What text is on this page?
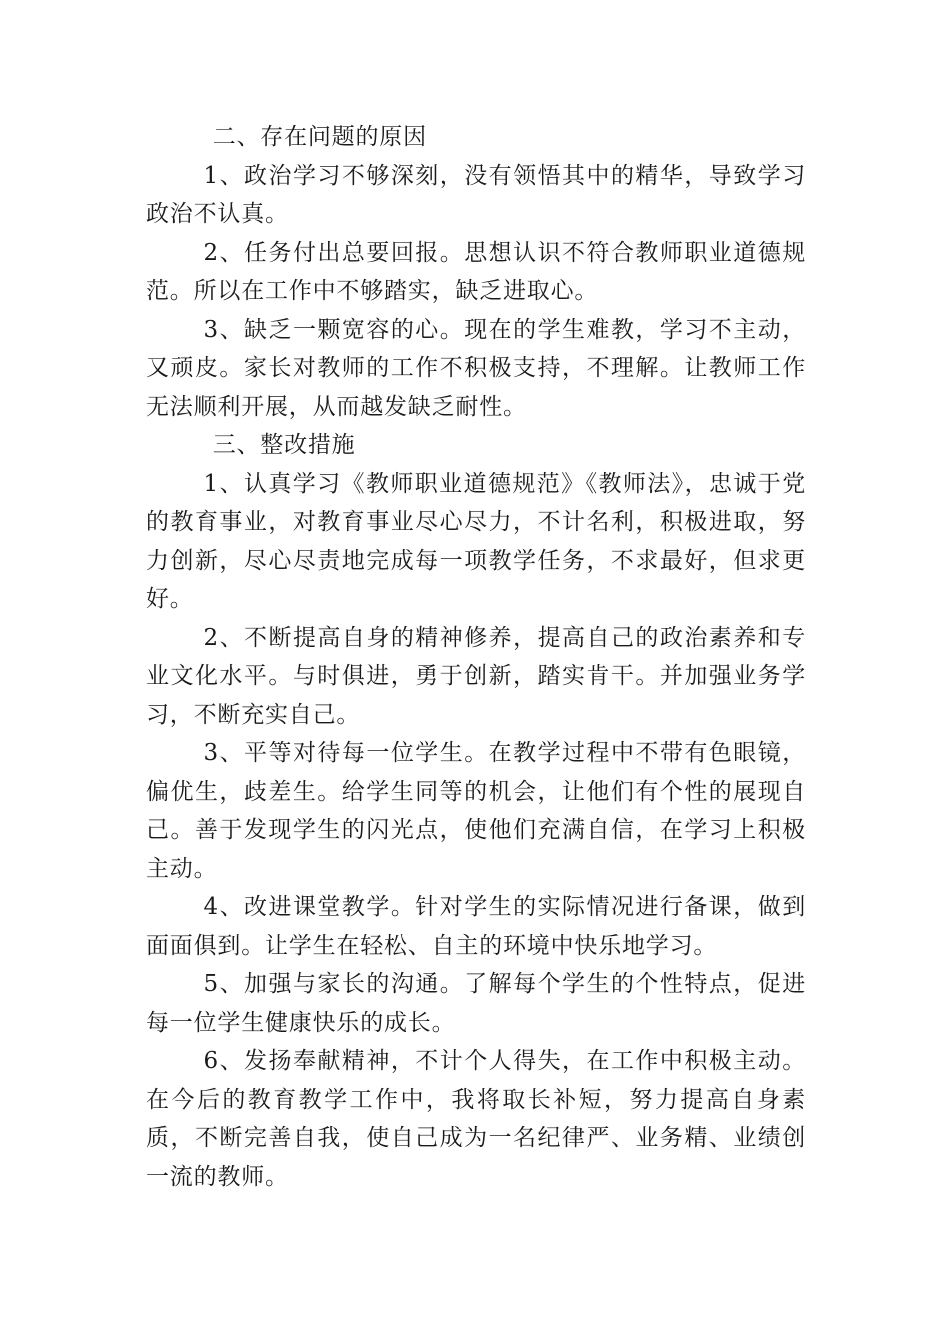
二、存在问题的原因

1、政治学习不够深刻，没有领悟其中的精华，导致学习政治不认真。

2、任务付出总要回报。思想认识不符合教师职业道德规范。所以在工作中不够踏实，缺乏进取心。

3、缺乏一颗宽容的心。现在的学生难教，学习不主动，又顽皮。家长对教师的工作不积极支持，不理解。让教师工作无法顺利开展，从而越发缺乏耐性。

三、整改措施

1、认真学习《教师职业道德规范》《教师法》，忠诚于党的教育事业，对教育事业尽心尽力，不计名利，积极进取，努力创新，尽心尽责地完成每一项教学任务，不求最好，但求更好。

2、不断提高自身的精神修养，提高自己的政治素养和专业文化水平。与时俱进，勇于创新，踏实肯干。并加强业务学习，不断充实自己。

3、平等对待每一位学生。在教学过程中不带有色眼镜，偏优生，歧差生。给学生同等的机会，让他们有个性的展现自己。善于发现学生的闪光点，使他们充满自信，在学习上积极主动。

4、改进课堂教学。针对学生的实际情况进行备课，做到面面俱到。让学生在轻松、自主的环境中快乐地学习。

5、加强与家长的沟通。了解每个学生的个性特点，促进每一位学生健康快乐的成长。

6、发扬奉献精神，不计个人得失，在工作中积极主动。在今后的教育教学工作中，我将取长补短，努力提高自身素质，不断完善自我，使自己成为一名纪律严、业务精、业绩创一流的教师。
